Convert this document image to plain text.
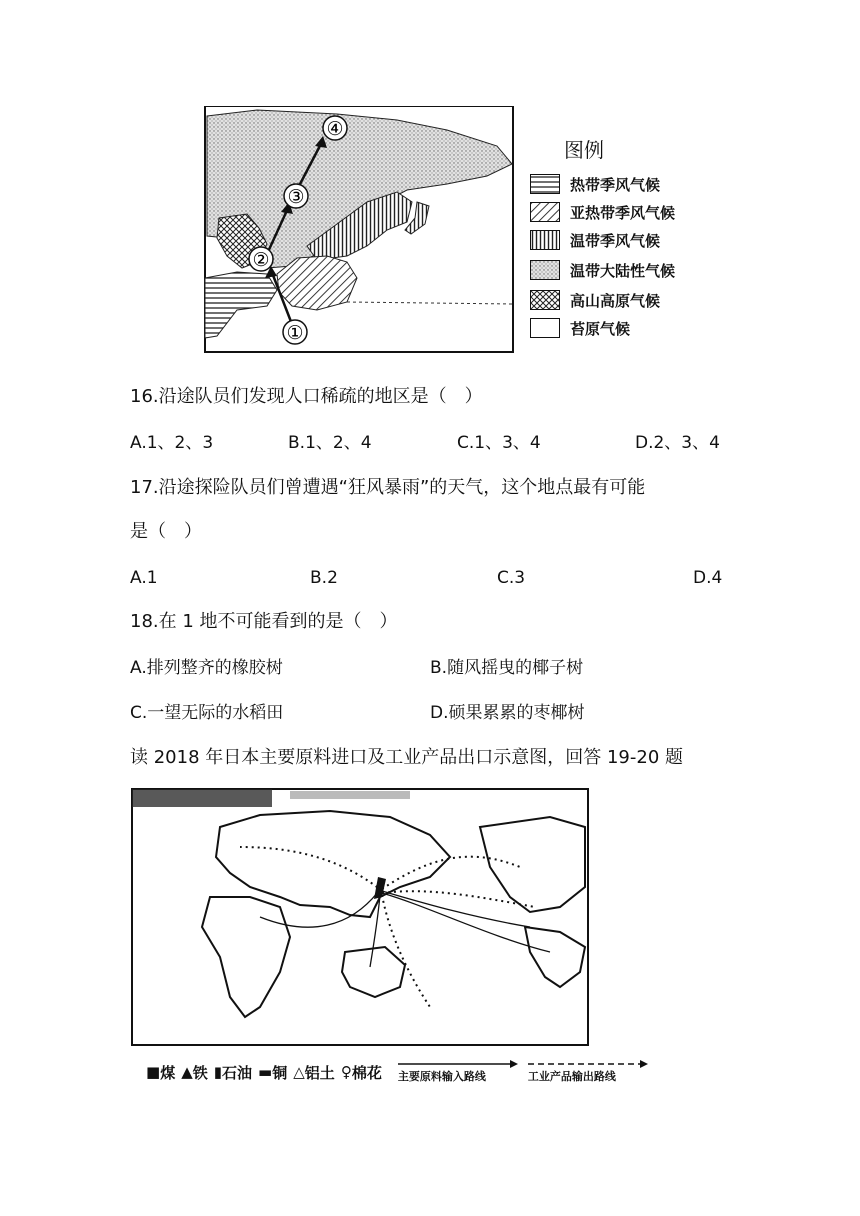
①
②
③
④
图例
热带季风气候
亚热带季风气候
温带季风气候
温带大陆性气候
高山高原气候
苔原气候
16.沿途队员们发现人口稀疏的地区是（　）
A.1、2、3	B.1、2、4	C.1、3、4	D.2、3、4
17.沿途探险队员们曾遭遇“狂风暴雨”的天气，这个地点最有可能
是（　）
A.1	B.2	C.3	D.4
18.在 1 地不可能看到的是（　）
A.排列整齐的橡胶树	B.随风摇曳的椰子树
C.一望无际的水稻田	D.硕果累累的枣椰树
读 2018 年日本主要原料进口及工业产品出口示意图，回答 19-20 题
■ 煤 ▲ 铁 ▮ 石油 ▬ 铜 △ 铝土 ♀ 棉花 主要原料输入路线	工业产品输出路线
